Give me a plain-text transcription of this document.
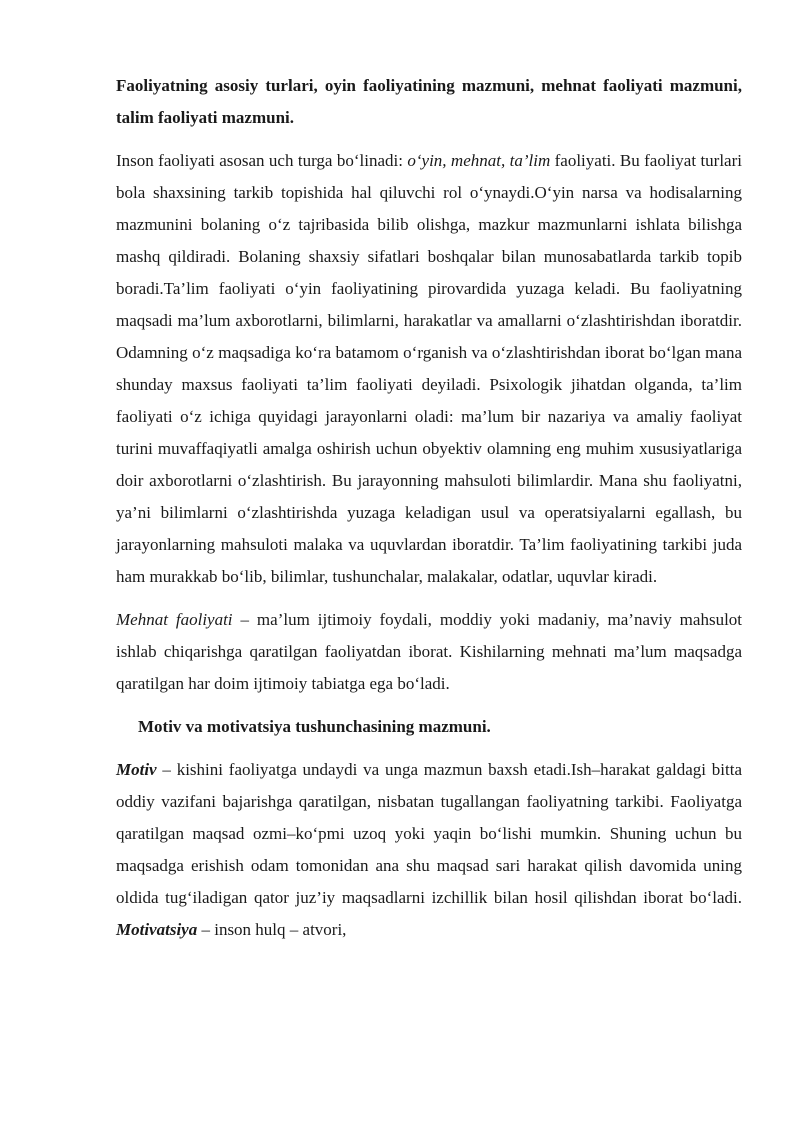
Faoliyatning asosiy turlari, oyin faoliyatining mazmuni, mehnat faoliyati mazmuni, talim faoliyati mazmuni.

Inson faoliyati asosan uch turga bo‘linadi: o‘yin, mehnat, ta’lim faoliyati. Bu faoliyat turlari bola shaxsining tarkib topishida hal qiluvchi rol o‘ynaydi.O‘yin narsa va hodisalarning mazmunini bolaning o‘z tajribasida bilib olishga, mazkur mazmunlarni ishlata bilishga mashq qildiradi. Bolaning shaxsiy sifatlari boshqalar bilan munosabatlarda tarkib topib boradi.Ta’lim faoliyati o‘yin faoliyatining pirovardida yuzaga keladi. Bu faoliyatning maqsadi ma’lum axborotlarni, bilimlarni, harakatlar va amallarni o‘zlashtirishdan iboratdir. Odamning o‘z maqsadiga ko‘ra batamom o‘rganish va o‘zlashtirishdan iborat bo‘lgan mana shunday maxsus faoliyati ta’lim faoliyati deyiladi. Psixologik jihatdan olganda, ta’lim faoliyati o‘z ichiga quyidagi jarayonlarni oladi: ma’lum bir nazariya va amaliy faoliyat turini muvaffaqiyatli amalga oshirish uchun obyektiv olamning eng muhim xususiyatlariga doir axborotlarni o‘zlashtirish. Bu jarayonning mahsuloti bilimlardir. Mana shu faoliyatni, ya’ni bilimlarni o‘zlashtirishda yuzaga keladigan usul va operatsiyalarni egallash, bu jarayonlarning mahsuloti malaka va uquvlardan iboratdir. Ta’lim faoliyatining tarkibi juda ham murakkab bo‘lib, bilimlar, tushunchalar, malakalar, odatlar, uquvlar kiradi.

Mehnat faoliyati – ma’lum ijtimoiy foydali, moddiy yoki madaniy, ma’naviy mahsulot ishlab chiqarishga qaratilgan faoliyatdan iborat. Kishilarning mehnati ma’lum maqsadga qaratilgan har doim ijtimoiy tabiatga ega bo‘ladi.

Motiv va motivatsiya tushunchasining mazmuni.

Motiv – kishini faoliyatga undaydi va unga mazmun baxsh etadi.Ish–harakat galdagi bitta oddiy vazifani bajarishga qaratilgan, nisbatan tugallangan faoliyatning tarkibi. Faoliyatga qaratilgan maqsad ozmi–ko‘pmi uzoq yoki yaqin bo‘lishi mumkin. Shuning uchun bu maqsadga erishish odam tomonidan ana shu maqsad sari harakat qilish davomida uning oldida tug‘iladigan qator juz’iy maqsadlarni izchillik bilan hosil qilishdan iborat bo‘ladi. Motivatsiya – inson hulq – atvori,
